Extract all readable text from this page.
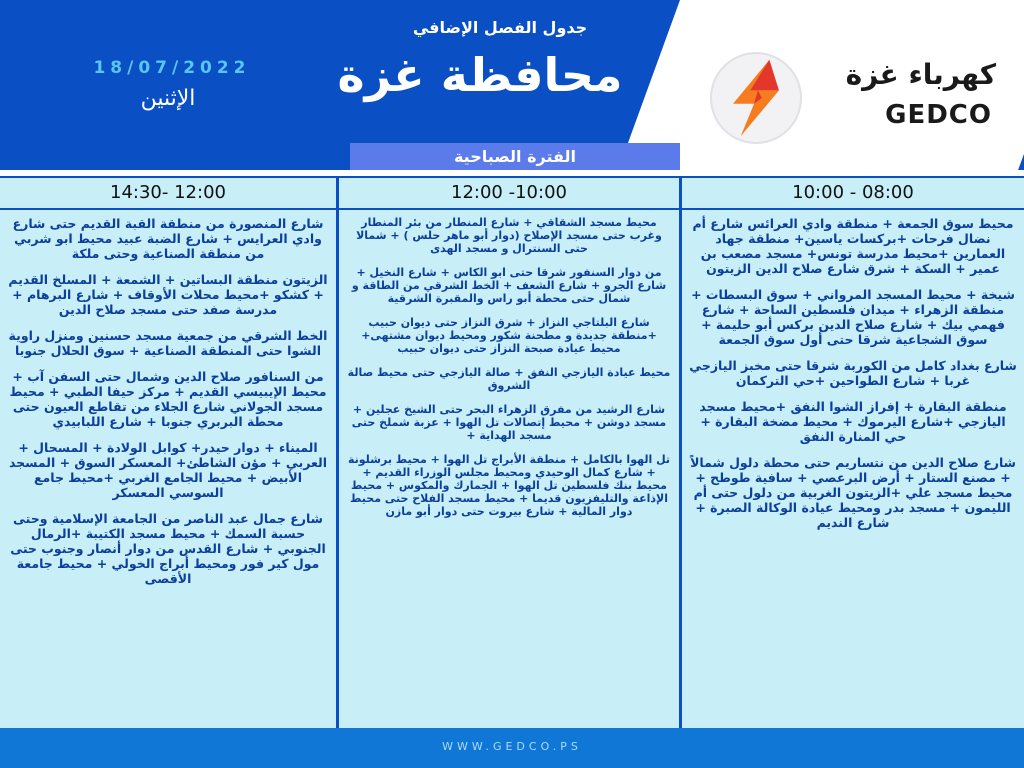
كهرباء غزة
GEDCO
جدول الفصل الإضافي
محافظة غزة
18/07/2022
الإثنين
الفترة الصباحية
10:00 - 08:00
محيط سوق الجمعة + منطقة وادي العرائس شارع أم نضال فرحات +بركسات ياسين+ منطقة جهاد العمارين +محيط مدرسة تونس+ مسجد مصعب بن عمير + السكة + شرق شارع صلاح الدين الزيتون
شيخة + محيط المسجد المرواني + سوق البسطات + منطقة الزهراء + ميدان فلسطين الساحة + شارع فهمي بيك + شارع صلاح الدين بركس أبو حليمة + سوق الشجاعية شرقا حتى أول سوق الجمعة
شارع بغداد كامل من الكوربة شرقا حتى مخبز اليازجي غربا + شارع الطواحين +حي التركمان
منطقة البقارة + إفراز الشوا النفق +محيط مسجد اليازجي +شارع اليرموك + محيط مضخة البقارة + حي المنارة النفق
شارع صلاح الدين من نتساريم حتى محطة دلول شمالاً + مصنع الستار + أرض البرعصي + سافية طوطح + محيط مسجد علي +الزيتون الغربية من دلول حتى أم الليمون + مسجد بدر ومحيط عيادة الوكالة الصبرة + شارع النديم
12:00 -10:00
محيط مسجد الشقاقي + شارع المنطار من بئر المنطار وغرب حتى مسجد الإصلاح (دوار أبو ماهر حلس ) + شمالا حتى السنترال و مسجد الهدى
من دوار السنفور شرقا حتى ابو الكاس + شارع النخيل + شارع الجرو + شارع الشعف + الخط الشرقي من الطاقة و شمال حتى محطة أبو راس والمقبرة الشرقية
شارع البلتاجي النزاز + شرق النزاز حتى ديوان حبيب +منطقة جديدة و مطحنة شكور ومحيط ديوان مشتهى+ محيط عيادة صبحة النزاز حتى ديوان حبيب
محيط عيادة اليازجي النفق + صالة اليازجي حتى محيط صالة الشروق
شارع الرشيد من مفرق الزهراء البحر حتى الشيخ عجلين + مسجد دوشن + محيط إتصالات تل الهوا + عزبة شملخ حتى مسجد الهداية +
تل الهوا بالكامل + منطقة الأبراج تل الهوا + محيط برشلونة + شارع كمال الوحيدي ومحيط مجلس الوزراء القديم + محيط بنك فلسطين تل الهوا + الجمارك والمكوس + محيط الإذاعة والتليفزيون قديما + محيط مسجد الفلاح حتى محيط دوار المالية + شارع بيروت حتى دوار أبو مازن
14:30- 12:00
شارع المنصورة من منطقة القبة القديم حتى شارع وادي العرايس + شارع الضبة عبيد محيط ابو شربي من منطقة الصناعية وحتى ملكة
الزيتون منطقة البساتين + الشمعة + المسلخ القديم + كشكو +محيط محلات الأوقاف + شارع البرهام + مدرسة صفد حتى مسجد صلاح الدين
الخط الشرقي من جمعية مسجد حسنين ومنزل راوية الشوا حتى المنطقة الصناعية + سوق الحلال جنوبا
من السنافور صلاح الدين وشمال حتى السفن آب + محيط الإيبيسي القديم + مركز حيفا الطبي + محيط مسجد الجولاني شارع الجلاء من تقاطع العيون حتى محطة البربري جنوبا + شارع اللبابيدي
الميناء + دوار حيدر+ كوابل الولادة + المسحال + العربي + مؤن الشاطئ+ المعسكر السوق + المسجد الأبيض + محيط الجامع الغربي +محيط جامع السوسي المعسكر
شارع جمال عبد الناصر من الجامعة الإسلامية وحتى حسبة السمك + محيط مسجد الكتيبة +الرمال الجنوبي + شارع القدس من دوار أنصار وجنوب حتى مول كير فور ومحيط أبراج الخولي + محيط جامعة الأقصى
WWW.GEDCO.PS
